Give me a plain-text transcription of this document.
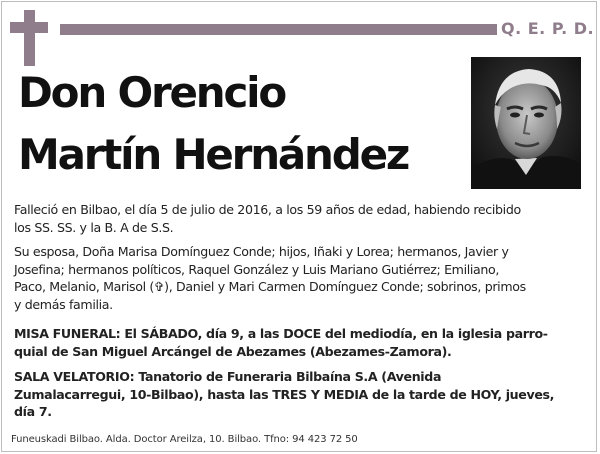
Q. E. P. D.
Don Orencio
Martín Hernández
Falleció en Bilbao, el día 5 de julio de 2016, a los 59 años de edad, habiendo recibido
los SS. SS. y la B. A de S.S.
Su esposa, Doña Marisa Domínguez Conde; hijos, Iñaki y Lorea; hermanos, Javier y
Josefina; hermanos políticos, Raquel González y Luis Mariano Gutiérrez; Emiliano,
Paco, Melanio, Marisol (✞), Daniel y Mari Carmen Domínguez Conde; sobrinos, primos
y demás familia.
MISA FUNERAL: El SÁBADO, día 9, a las DOCE del mediodía, en la iglesia parro-
quial de San Miguel Arcángel de Abezames (Abezames-Zamora).
SALA VELATORIO: Tanatorio de Funeraria Bilbaína S.A (Avenida
Zumalacarregui, 10-Bilbao), hasta las TRES Y MEDIA de la tarde de HOY, jueves,
día 7.
Funeuskadi Bilbao. Alda. Doctor Areilza, 10. Bilbao. Tfno: 94 423 72 50
